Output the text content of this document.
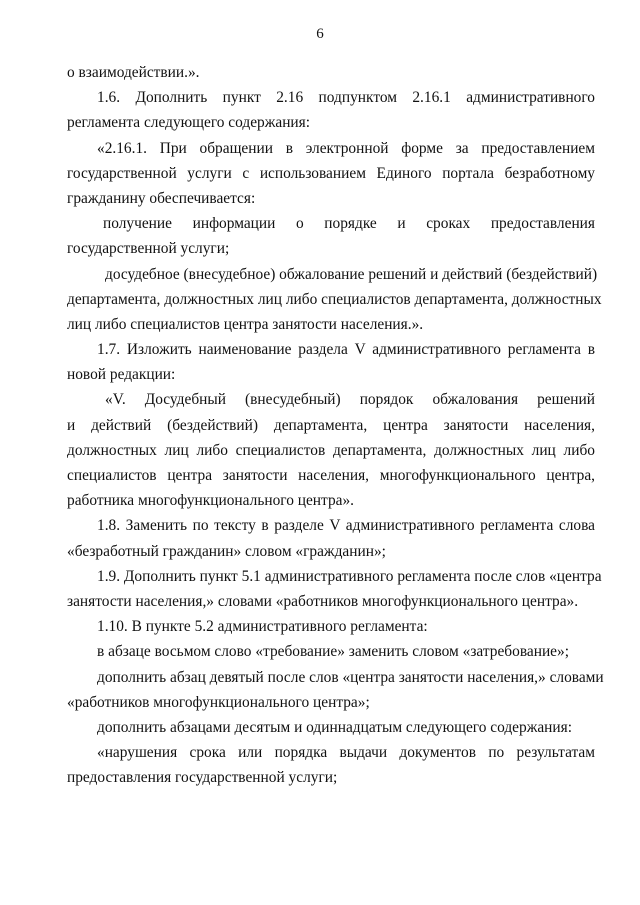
6
о взаимодействии.».
1.6. Дополнить пункт 2.16 подпунктом 2.16.1 административного
регламента следующего содержания:
«2.16.1. При обращении в электронной форме за предоставлением
государственной услуги с использованием Единого портала безработному
гражданину обеспечивается:
получение информации о порядке и сроках предоставления
государственной услуги;
досудебное (внесудебное) обжалование решений и действий (бездействий)
департамента, должностных лиц либо специалистов департамента, должностных
лиц либо специалистов центра занятости населения.».
1.7. Изложить наименование раздела V административного регламента в
новой редакции:
«V. Досудебный (внесудебный) порядок обжалования решений
и действий (бездействий) департамента, центра занятости населения,
должностных лиц либо специалистов департамента, должностных лиц либо
специалистов центра занятости населения, многофункционального центра,
работника многофункционального центра».
1.8. Заменить по тексту в разделе V административного регламента слова
«безработный гражданин» словом «гражданин»;
1.9. Дополнить пункт 5.1 административного регламента после слов «центра
занятости населения,» словами «работников многофункционального центра».
1.10. В пункте 5.2 административного регламента:
в абзаце восьмом слово «требование» заменить словом «затребование»;
дополнить абзац девятый после слов «центра занятости населения,» словами
«работников многофункционального центра»;
дополнить абзацами десятым и одиннадцатым следующего содержания:
«нарушения срока или порядка выдачи документов по результатам
предоставления государственной услуги;
